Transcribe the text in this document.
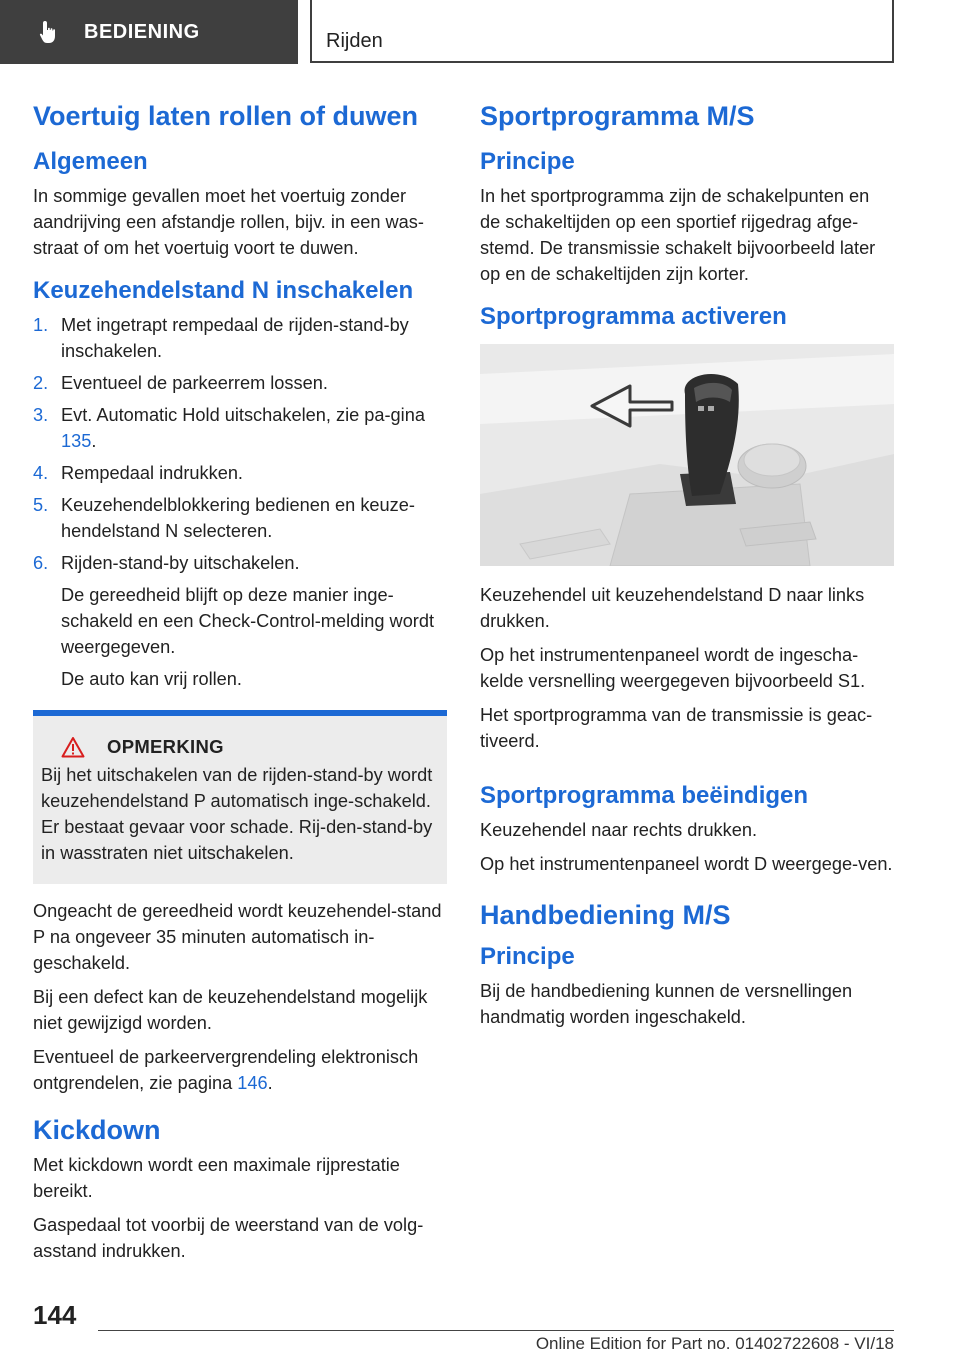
BEDIENING	Rijden
Voertuig laten rollen of duwen
Algemeen

In sommige gevallen moet het voertuig zonder aandrijving een afstandje rollen, bijv. in een was-straat of om het voertuig voort te duwen.

Keuzehendelstand N inschakelen
1. Met ingetrapt rempedaal de rijden-stand-by inschakelen.
2. Eventueel de parkeerrem lossen.
3. Evt. Automatic Hold uitschakelen, zie pa-gina 135.
4. Rempedaal indrukken.
5. Keuzehendelblokkering bedienen en keuze-hendelstand N selecteren.
6. Rijden-stand-by uitschakelen.
De gereedheid blijft op deze manier inge-schakeld en een Check-Control-melding wordt weergegeven.
De auto kan vrij rollen.
OPMERKING

Bij het uitschakelen van de rijden-stand-by wordt keuzehendelstand P automatisch inge-schakeld. Er bestaat gevaar voor schade. Rij-den-stand-by in wasstraten niet uitschakelen.

Ongeacht de gereedheid wordt keuzehendel-stand P na ongeveer 35 minuten automatisch in-geschakeld.

Bij een defect kan de keuzehendelstand mogelijk niet gewijzigd worden.

Eventueel de parkeervergrendeling elektronisch ontgrendelen, zie pagina 146.

Kickdown

Met kickdown wordt een maximale rijprestatie bereikt.

Gaspedaal tot voorbij de weerstand van de volg-asstand indrukken.

Sportprogramma M/S
Principe

In het sportprogramma zijn de schakelpunten en de schakeltijden op een sportief rijgedrag afge-stemd. De transmissie schakelt bijvoorbeeld later op en de schakeltijden zijn korter.

Sportprogramma activeren

Keuzehendel uit keuzehendelstand D naar links drukken.

Op het instrumentenpaneel wordt de ingescha-kelde versnelling weergegeven bijvoorbeeld S1.

Het sportprogramma van de transmissie is geac-tiveerd.

Sportprogramma beëindigen

Keuzehendel naar rechts drukken.

Op het instrumentenpaneel wordt D weergege-ven.

Handbediening M/S
Principe

Bij de handbediening kunnen de versnellingen handmatig worden ingeschakeld.

144
Online Edition for Part no. 01402722608 - VI/18
